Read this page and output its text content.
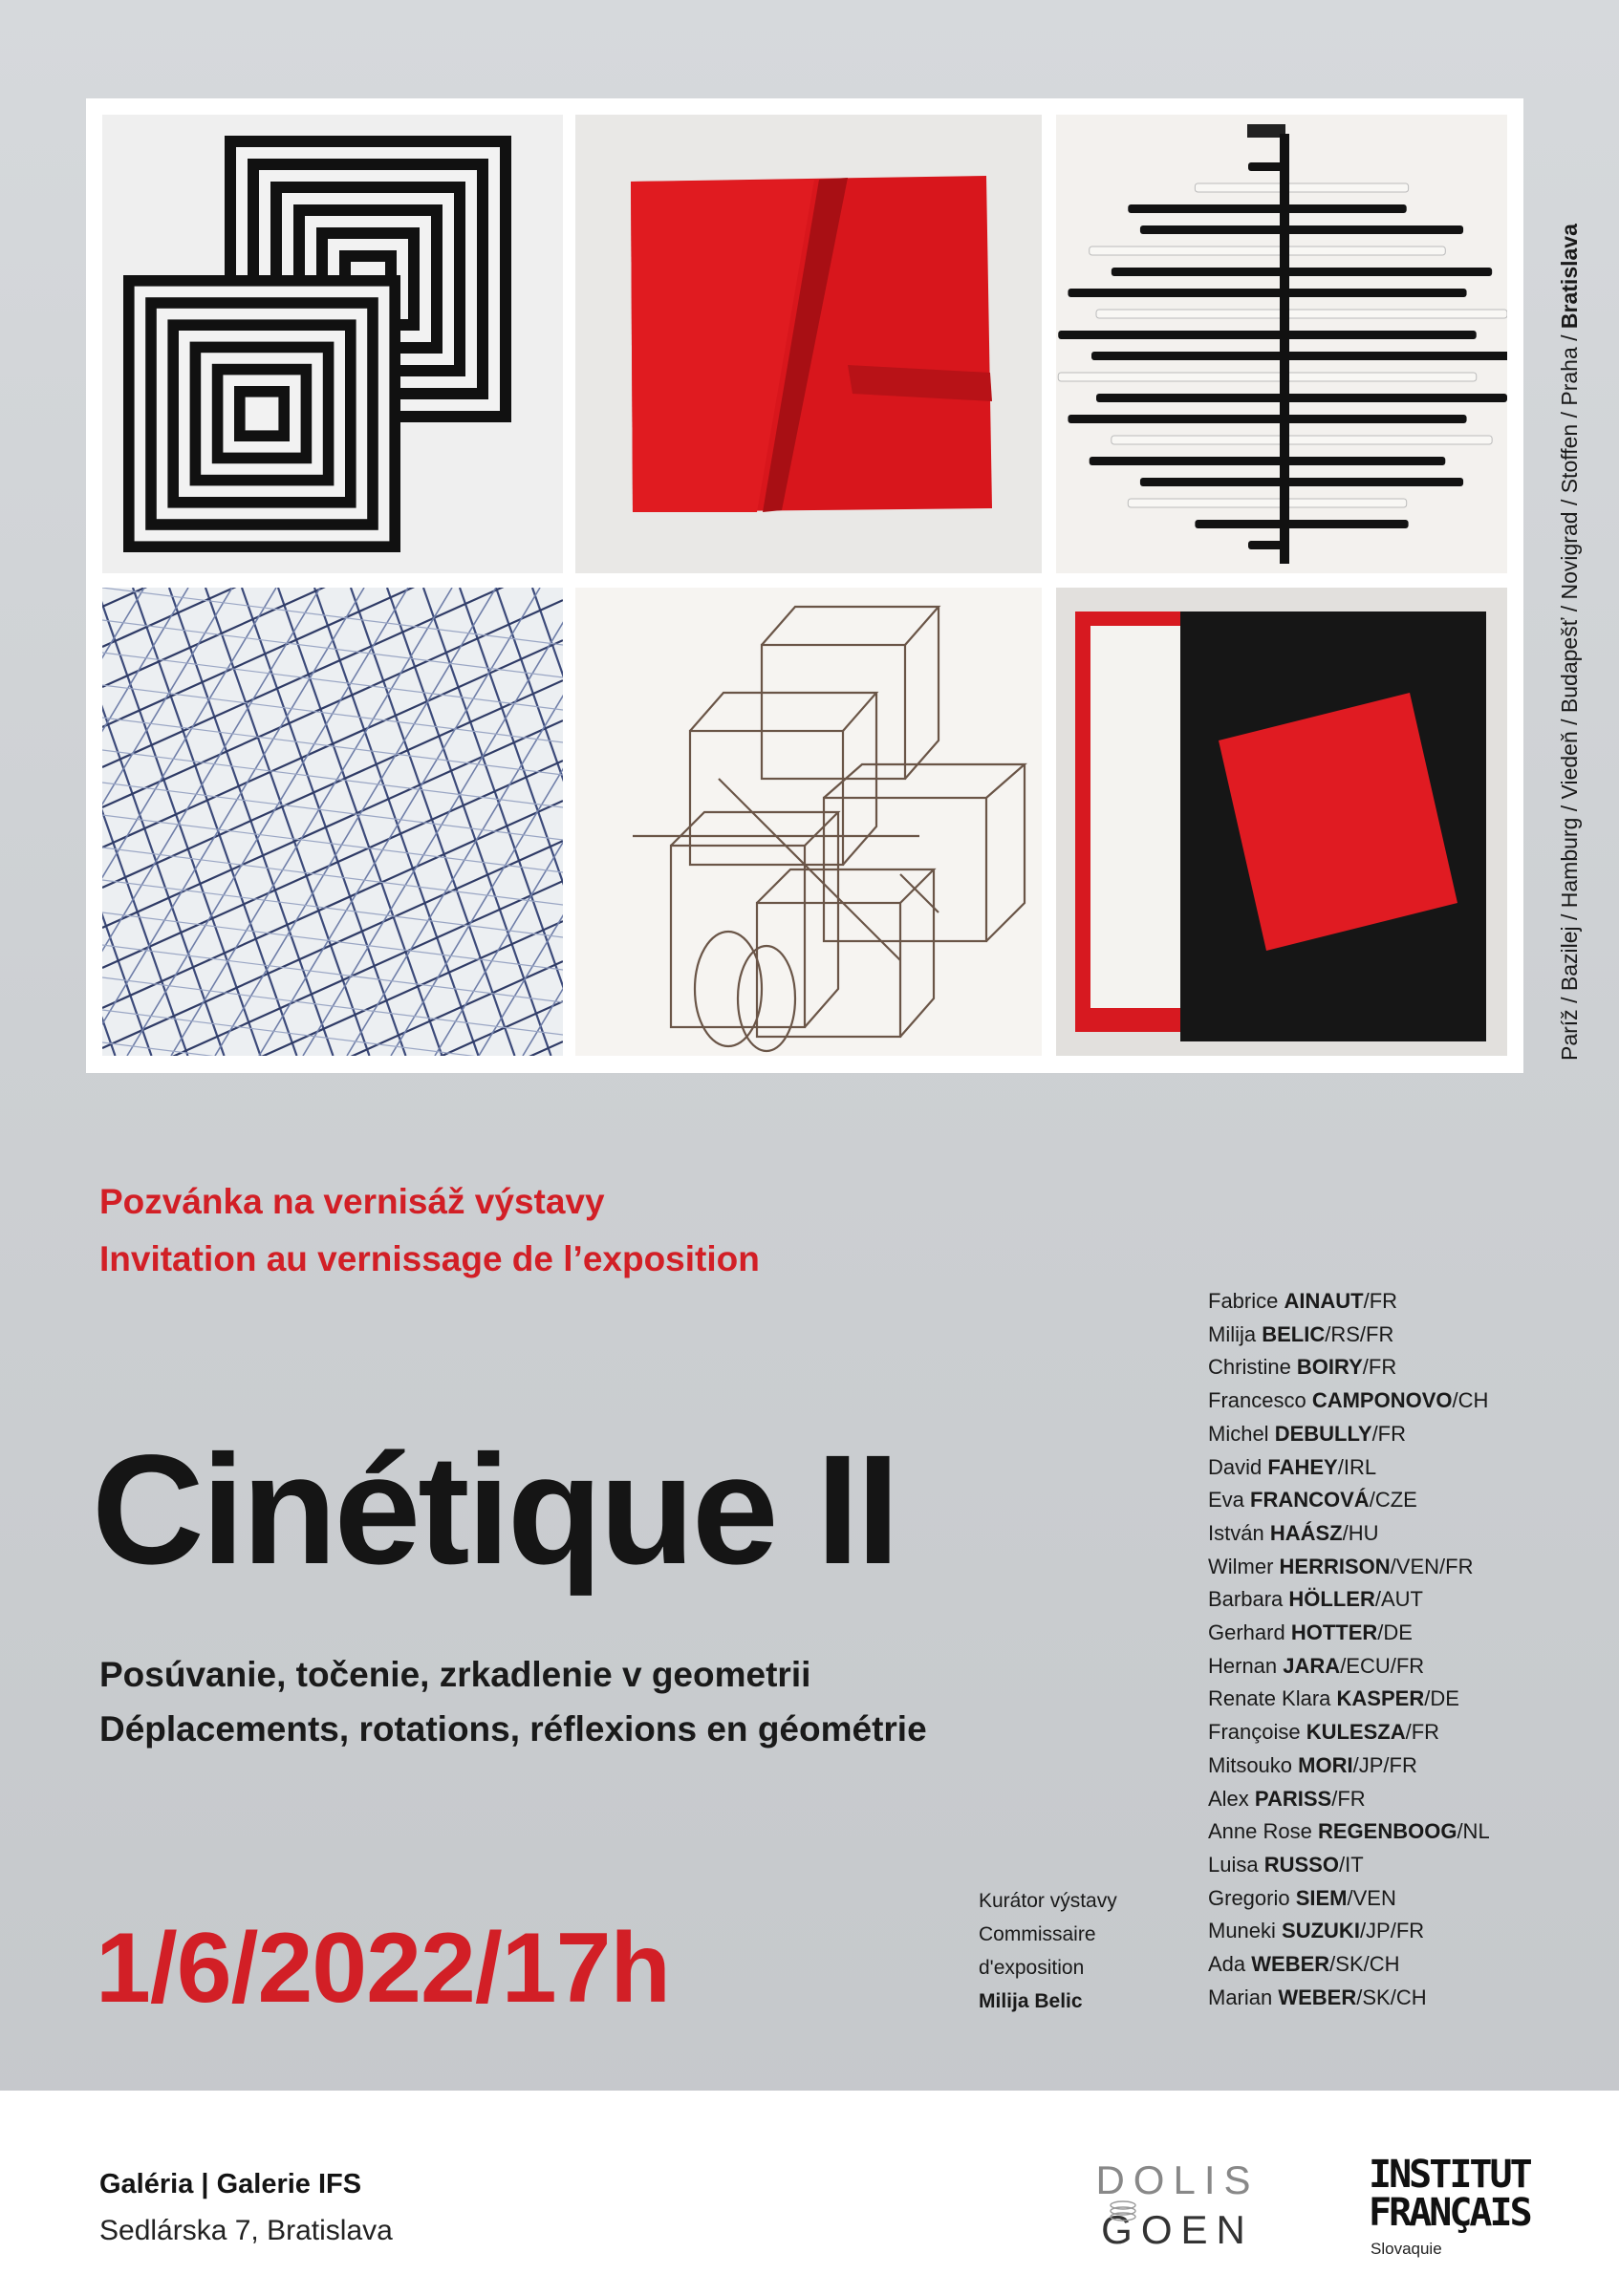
Paríž / Bazilej / Hamburg / Viedeň / Budapešť / Novigrad / Stoffen / Praha / Bratislava
Pozvánka na vernisáž výstavy
Invitation au vernissage de l’exposition
Cinétique II
Posúvanie, točenie, zrkadlenie v geometrii
Déplacements, rotations, réflexions en géométrie
1/6/2022/17h
Kurátor výstavy
Commissaire
d'exposition
Milija Belic
Fabrice AINAUT/FR
Milija BELIC/RS/FR
Christine BOIRY/FR
Francesco CAMPONOVO/CH
Michel DEBULLY/FR
David FAHEY/IRL
Eva FRANCOVÁ/CZE
István HAÁSZ/HU
Wilmer HERRISON/VEN/FR
Barbara HÖLLER/AUT
Gerhard HOTTER/DE
Hernan JARA/ECU/FR
Renate Klara KASPER/DE
Françoise KULESZA/FR
Mitsouko MORI/JP/FR
Alex PARISS/FR
Anne Rose REGENBOOG/NL
Luisa RUSSO/IT
Gregorio SIEM/VEN
Muneki SUZUKI/JP/FR
Ada WEBER/SK/CH
Marian WEBER/SK/CH
Galéria | Galerie IFS
Sedlárska 7, Bratislava
DOLIS
GOEN
INSTITUT
FRANÇAIS
Slovaquie
